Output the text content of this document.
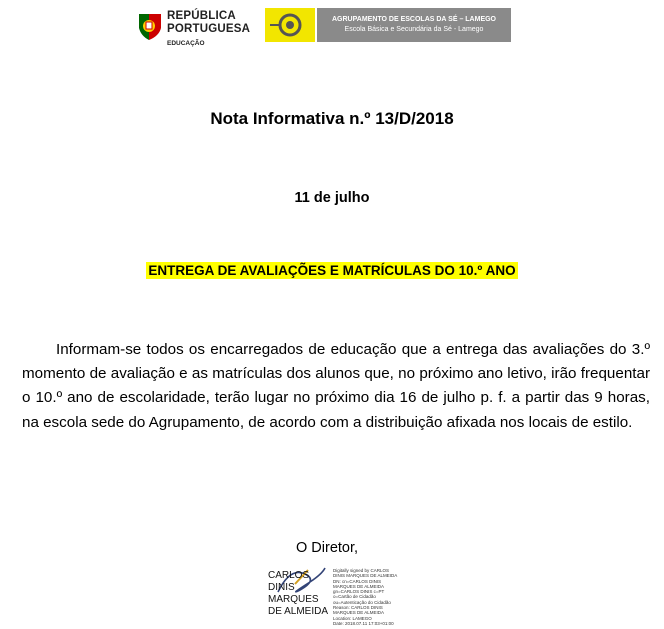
REPÚBLICA
PORTUGUESA
EDUCAÇÃO
AGRUPAMENTO DE ESCOLAS DA SÉ – LAMEGO
Escola Básica e Secundária da Sé - Lamego
Nota Informativa n.º 13/D/2018
11 de julho
ENTREGA DE AVALIAÇÕES E MATRÍCULAS DO 10.º ANO
Informam-se todos os encarregados de educação que a entrega das avaliações do 3.º momento de avaliação e as matrículas dos alunos que, no próximo ano letivo, irão frequentar o 10.º ano de escolaridade, terão lugar no próximo dia 16 de julho p. f. a partir das 9 horas, na escola sede do Agrupamento, de acordo com a distribuição afixada nos locais de estilo.
O Diretor,
CARLOS
DINIS
MARQUES
DE ALMEIDA
Digitally signed by CARLOS
DINIS MARQUES DE ALMEIDA
DN: cn=CARLOS DINIS
MARQUES DE ALMEIDA
gn=CARLOS DINIS c=PT
o=Cartão de Cidadão
ou=Autenticação do Cidadão
Reason: CARLOS DINIS
MARQUES DE ALMEIDA
Location: LAMEGO
Date: 2018.07.11 17:03+01:00
